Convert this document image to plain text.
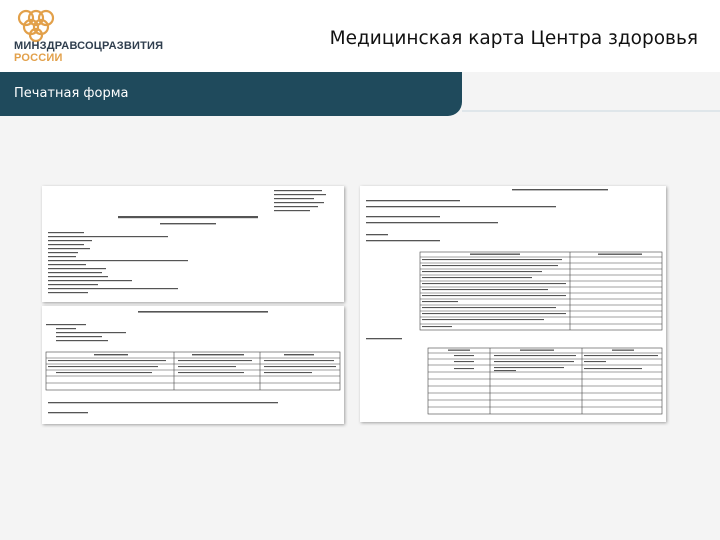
МИНЗДРАВСОЦРАЗВИТИЯ
РОССИИ
Медицинская карта Центра здоровья
Печатная форма
